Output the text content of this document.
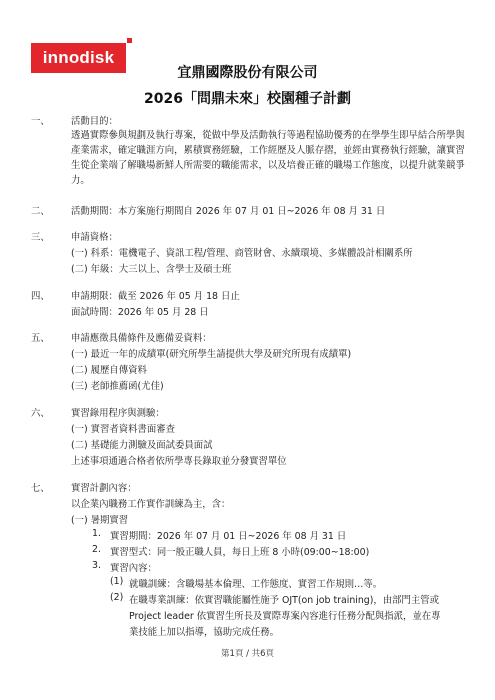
innodisk
宜鼎國際股份有限公司
2026「問鼎未來」校園種子計劃
一、 活動目的：
透過實際參與規劃及執行專案，從做中學及活動執行等過程協助優秀的在學學生即早結合所學與產業需求，確定職涯方向，累積實務經驗，工作經歷及人脈存摺，並經由實務執行經驗，讓實習生從企業端了解職場新鮮人所需要的職能需求，以及培養正確的職場工作態度，以提升就業競爭力。
二、 活動期間：本方案施行期間自 2026 年 07 月 01 日~2026 年 08 月 31 日
三、 申請資格：
(一) 科系：電機電子、資訊工程/管理、商管財會、永續環境、多媒體設計相關系所
(二) 年級：大三以上、含學士及碩士班
四、 申請期限：截至 2026 年 05 月 18 日止
面試時間：2026 年 05 月 28 日
五、 申請應徵具備條件及應備妥資料：
(一) 最近一年的成績單(研究所學生請提供大學及研究所現有成績單)
(二) 履歷自傳資料
(三) 老師推薦函(尤佳)
六、 實習錄用程序與測驗：
(一) 實習者資料書面審查
(二) 基礎能力測驗及面試委員面試
上述事項通過合格者依所學專長錄取並分發實習單位
七、 實習計劃內容：
以企業內職務工作實作訓練為主，含：
(一) 暑期實習
1. 實習期間：2026 年 07 月 01 日~2026 年 08 月 31 日
2. 實習型式：同一般正職人員，每日上班 8 小時(09:00~18:00)
3. 實習內容：
(1) 就職訓練：含職場基本倫理、工作態度、實習工作規則…等。
(2) 在職專業訓練：依實習職能屬性施予 OJT(on job training)，由部門主管或
Project leader 依實習生所長及實際專案內容進行任務分配與指派，並在專
業技能上加以指導，協助完成任務。
第1頁 / 共6頁
